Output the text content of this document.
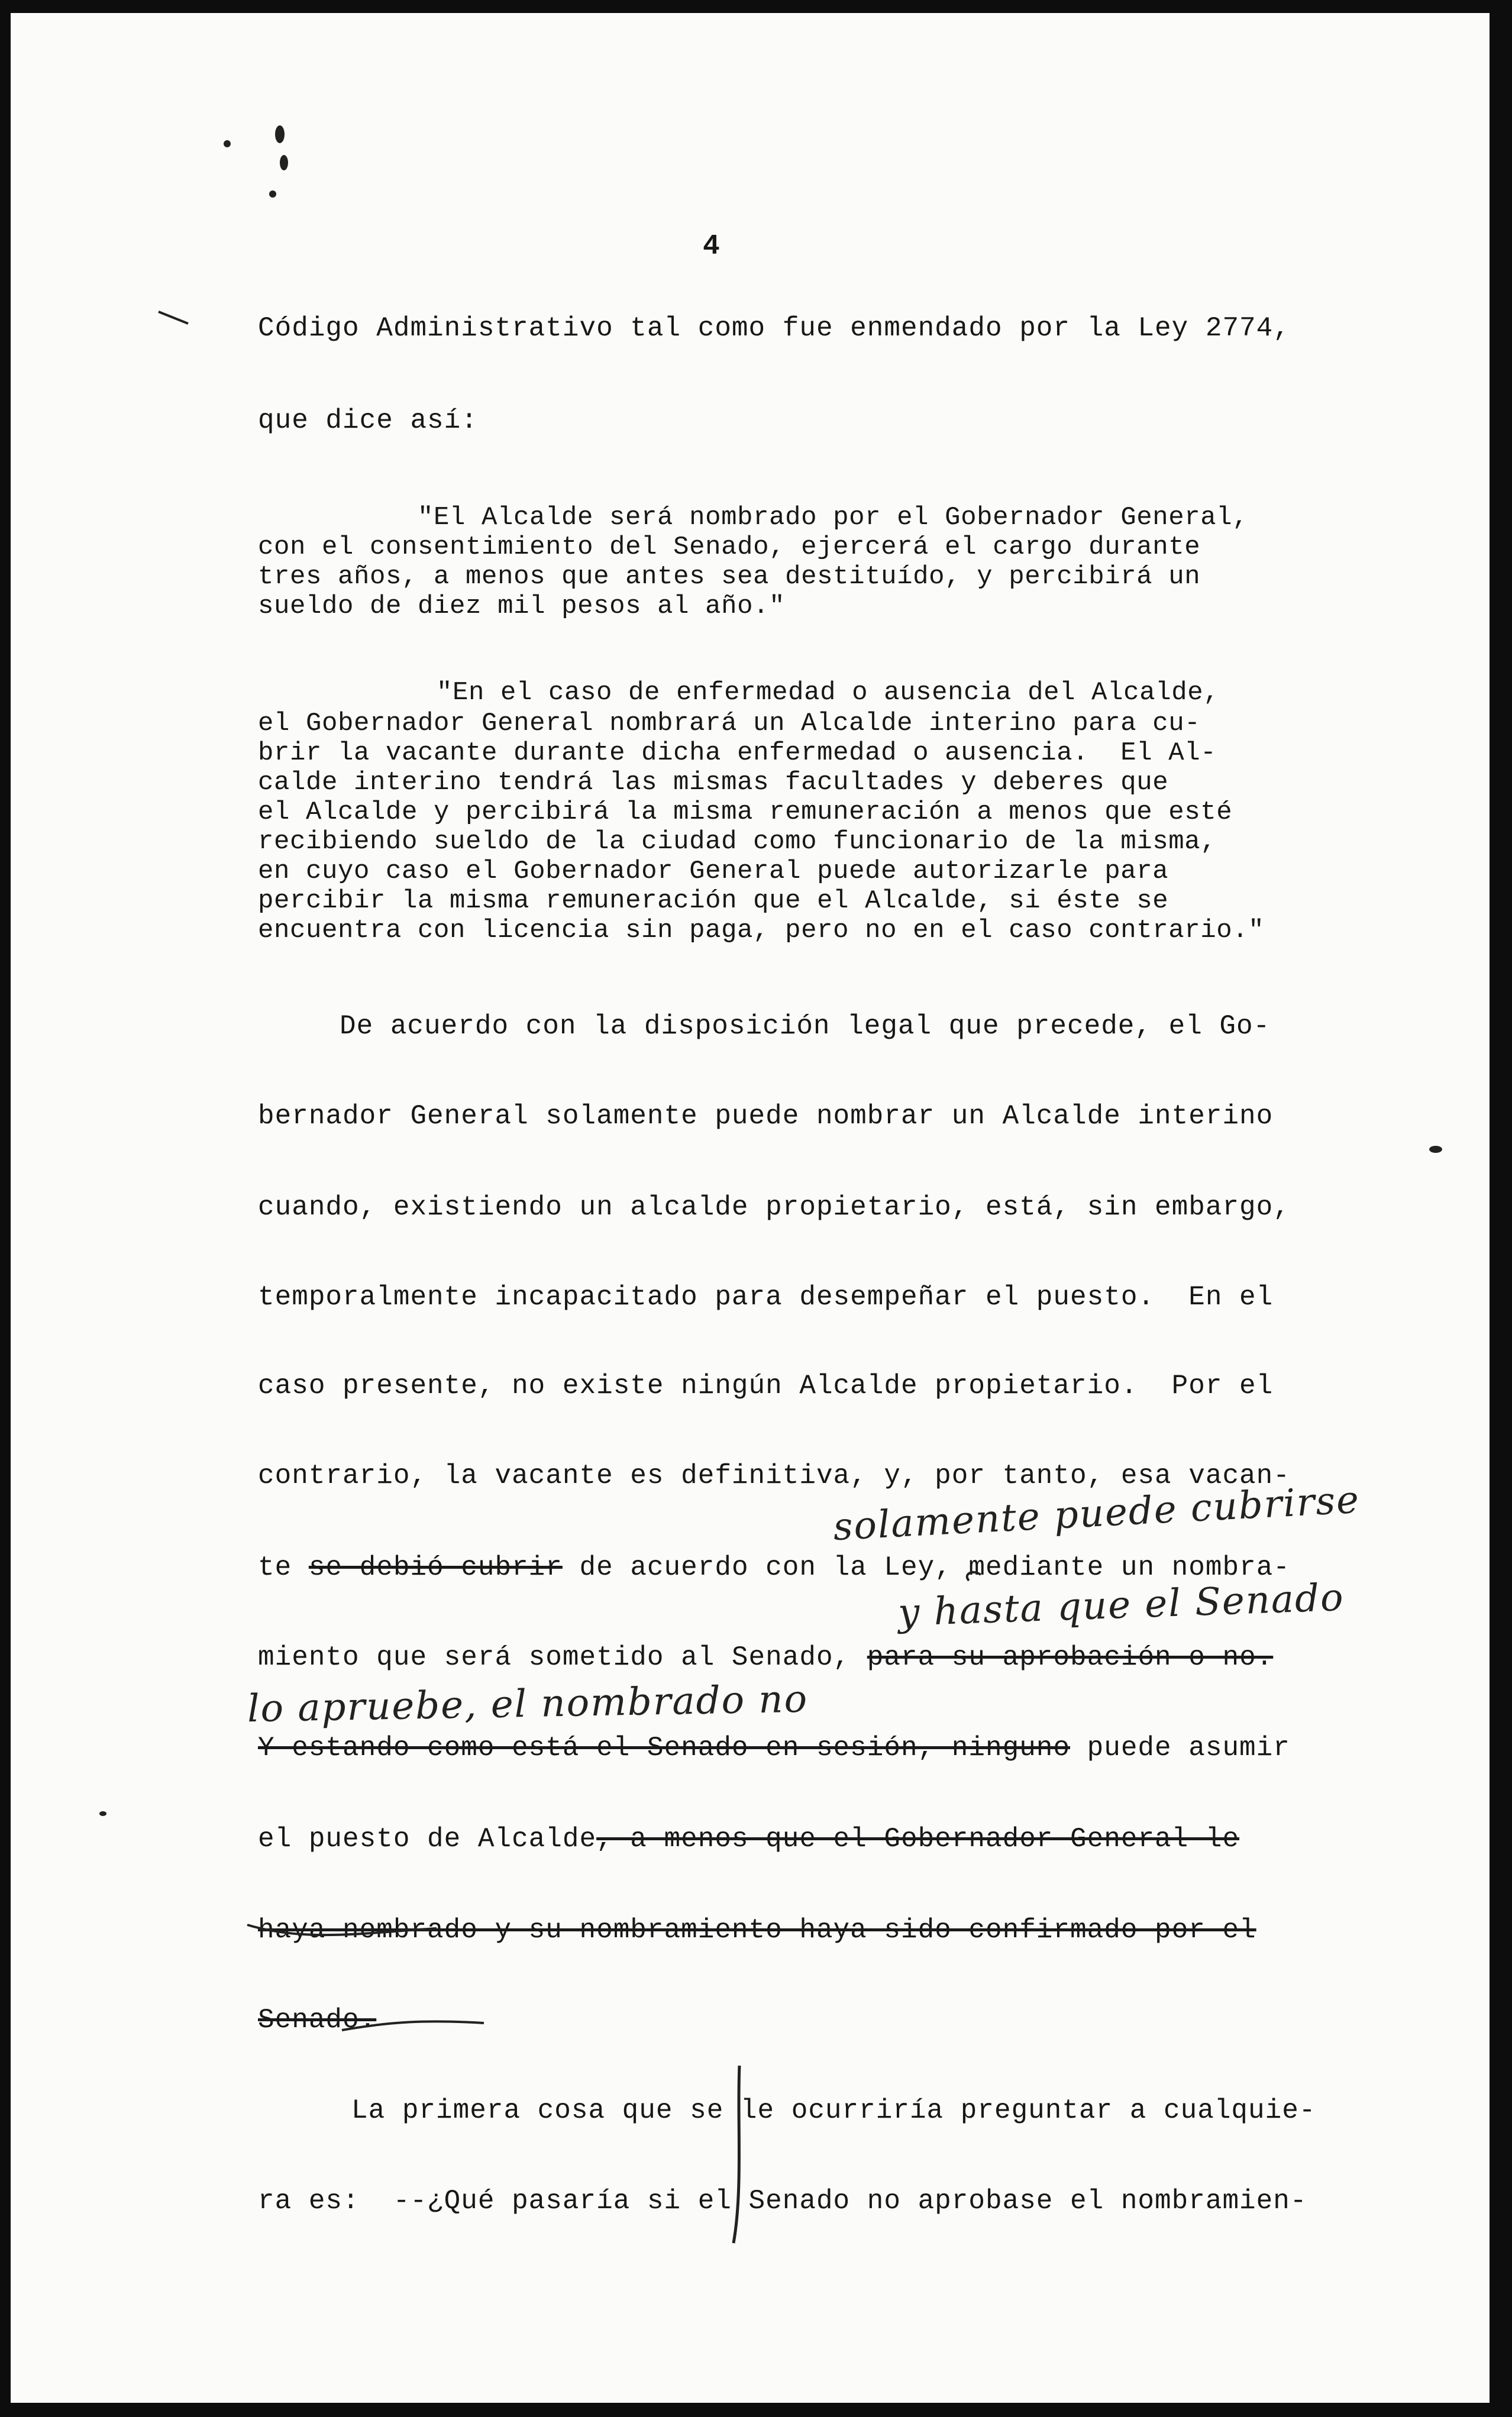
4
Código Administrativo tal como fue enmendado por la Ley 2774,
que dice así:
"El Alcalde será nombrado por el Gobernador General,
con el consentimiento del Senado, ejercerá el cargo durante
tres años, a menos que antes sea destituído, y percibirá un
sueldo de diez mil pesos al año."
"En el caso de enfermedad o ausencia del Alcalde,
el Gobernador General nombrará un Alcalde interino para cu-
brir la vacante durante dicha enfermedad o ausencia.  El Al-
calde interino tendrá las mismas facultades y deberes que
el Alcalde y percibirá la misma remuneración a menos que esté
recibiendo sueldo de la ciudad como funcionario de la misma,
en cuyo caso el Gobernador General puede autorizarle para
percibir la misma remuneración que el Alcalde, si éste se
encuentra con licencia sin paga, pero no en el caso contrario."
De acuerdo con la disposición legal que precede, el Go-
bernador General solamente puede nombrar un Alcalde interino
cuando, existiendo un alcalde propietario, está, sin embargo,
temporalmente incapacitado para desempeñar el puesto.  En el
caso presente, no existe ningún Alcalde propietario.  Por el
contrario, la vacante es definitiva, y, por tanto, esa vacan-
te se debió cubrir de acuerdo con la Ley, mediante un nombra-
miento que será sometido al Senado, para su aprobación o no.
Y estando como está el Senado en sesión, ninguno puede asumir
el puesto de Alcalde, a menos que el Gobernador General le
haya nombrado y su nombramiento haya sido confirmado por el
Senado.
La primera cosa que se le ocurriría preguntar a cualquie-
ra es:  --¿Qué pasaría si el Senado no aprobase el nombramien-
solamente puede cubrirse
y hasta que el Senado
lo apruebe, el nombrado no
